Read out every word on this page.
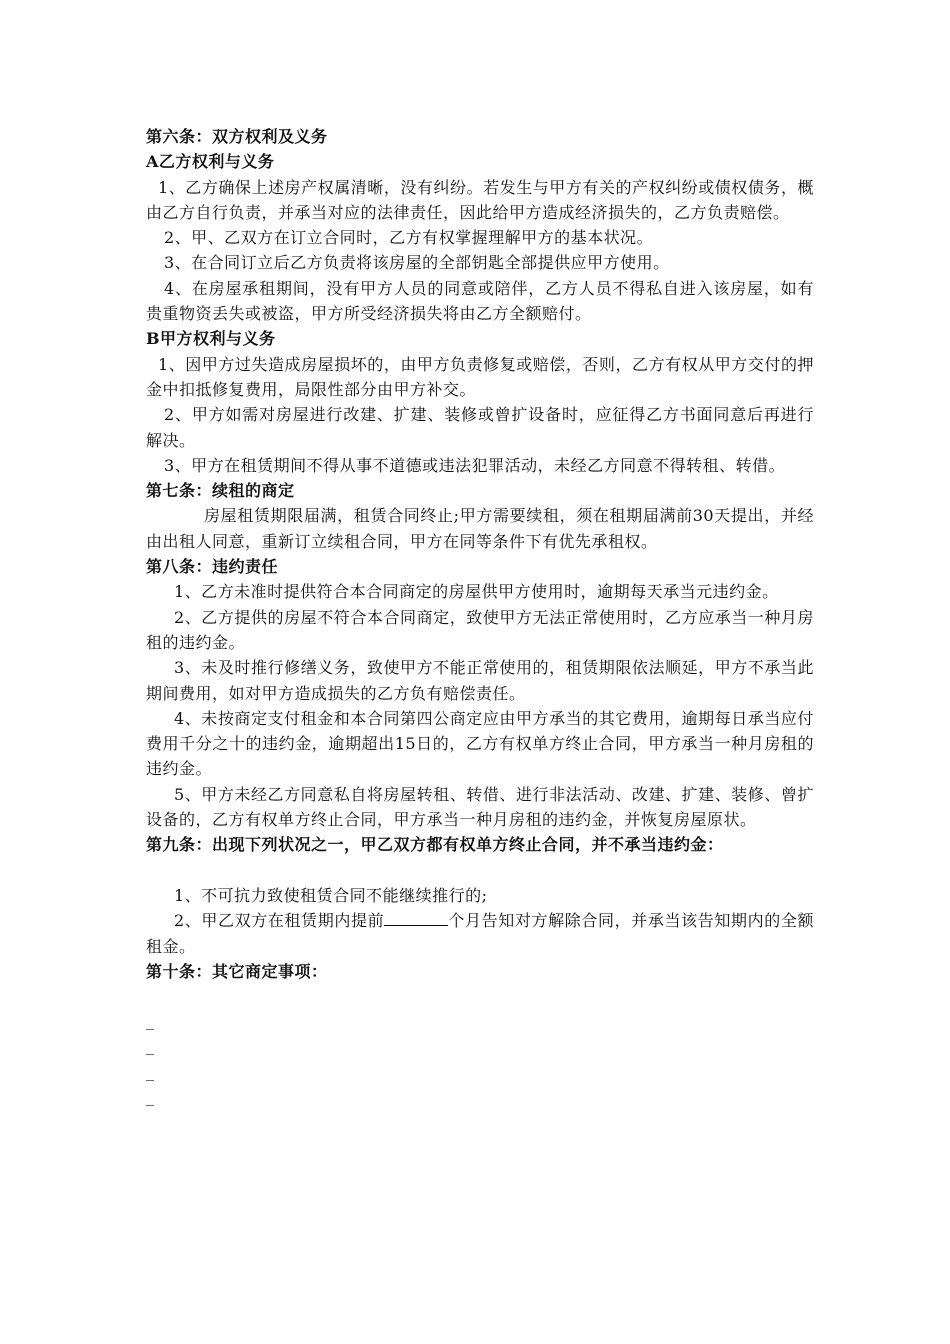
第六条：双方权利及义务

A乙方权利与义务

1、乙方确保上述房产权属清晰，没有纠纷。若发生与甲方有关的产权纠纷或债权债务，概由乙方自行负责，并承当对应的法律责任，因此给甲方造成经济损失的，乙方负责赔偿。

2、甲、乙双方在订立合同时，乙方有权掌握理解甲方的基本状况。

3、在合同订立后乙方负责将该房屋的全部钥匙全部提供应甲方使用。

4、在房屋承租期间，没有甲方人员的同意或陪伴，乙方人员不得私自进入该房屋，如有贵重物资丢失或被盗，甲方所受经济损失将由乙方全额赔付。

B甲方权利与义务

1、因甲方过失造成房屋损坏的，由甲方负责修复或赔偿，否则，乙方有权从甲方交付的押金中扣抵修复费用，局限性部分由甲方补交。

2、甲方如需对房屋进行改建、扩建、装修或曾扩设备时，应征得乙方书面同意后再进行解决。

3、甲方在租赁期间不得从事不道德或违法犯罪活动，未经乙方同意不得转租、转借。

第七条：续租的商定

房屋租赁期限届满，租赁合同终止;甲方需要续租，须在租期届满前30天提出，并经由出租人同意，重新订立续租合同，甲方在同等条件下有优先承租权。

第八条：违约责任

1、乙方未准时提供符合本合同商定的房屋供甲方使用时，逾期每天承当元违约金。

2、乙方提供的房屋不符合本合同商定，致使甲方无法正常使用时，乙方应承当一种月房租的违约金。

3、未及时推行修缮义务，致使甲方不能正常使用的，租赁期限依法顺延，甲方不承当此期间费用，如对甲方造成损失的乙方负有赔偿责任。

4、未按商定支付租金和本合同第四公商定应由甲方承当的其它费用，逾期每日承当应付费用千分之十的违约金，逾期超出15日的，乙方有权单方终止合同，甲方承当一种月房租的违约金。

5、甲方未经乙方同意私自将房屋转租、转借、进行非法活动、改建、扩建、装修、曾扩设备的，乙方有权单方终止合同，甲方承当一种月房租的违约金，并恢复房屋原状。

第九条：出现下列状况之一，甲乙双方都有权单方终止合同，并不承当违约金：

1、不可抗力致使租赁合同不能继续推行的;

2、甲乙双方在租赁期内提前	个月告知对方解除合同，并承当该告知期内的全额租金。

第十条：其它商定事项：

_

_

_

_
